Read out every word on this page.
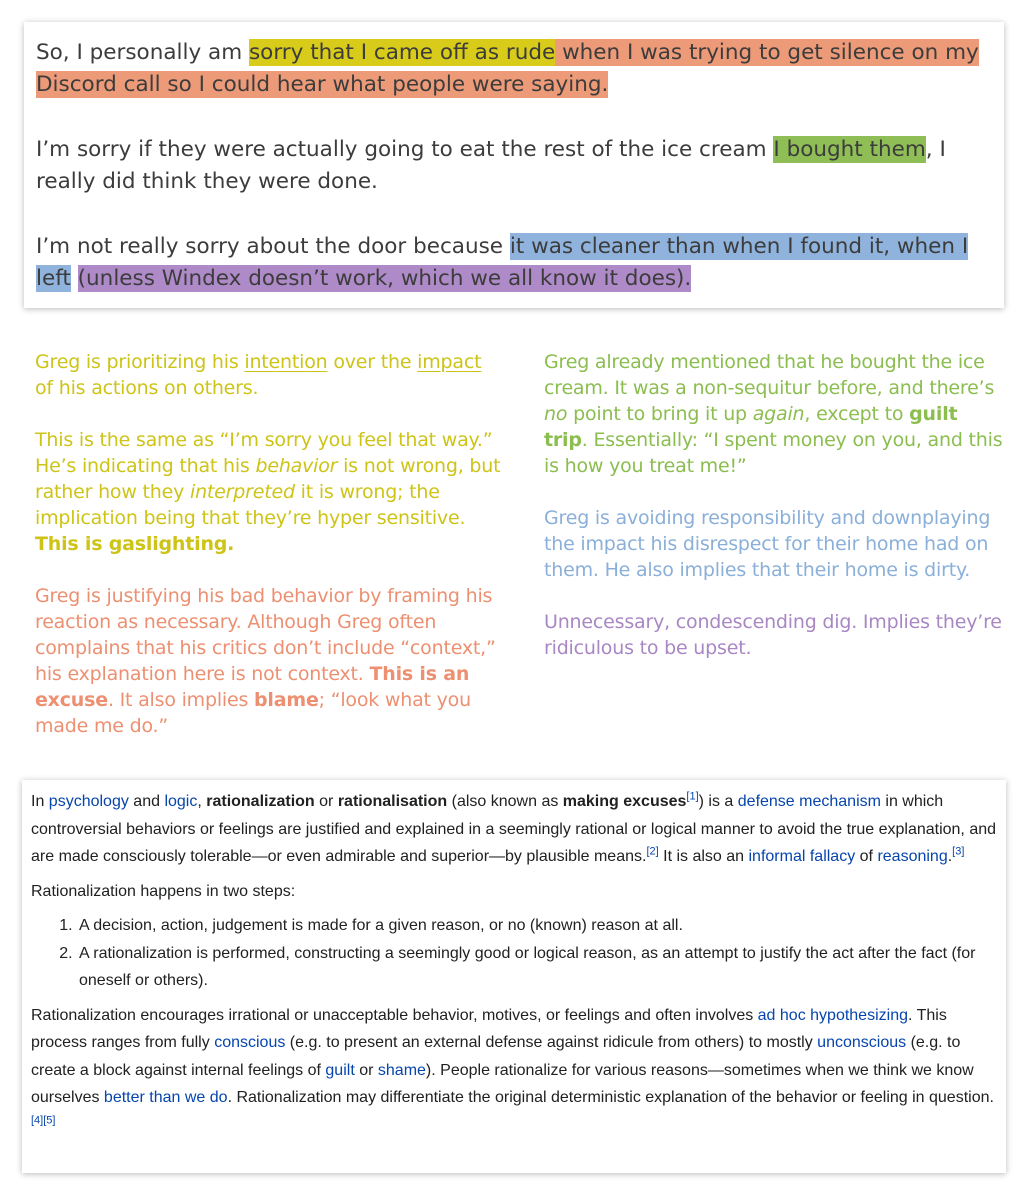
So, I personally am sorry that I came off as rude when I was trying to get silence on my Discord call so I could hear what people were saying.

I’m sorry if they were actually going to eat the rest of the ice cream I bought them, I really did think they were done.

I’m not really sorry about the door because it was cleaner than when I found it, when I left (unless Windex doesn’t work, which we all know it does).

Greg is prioritizing his intention over the impact of his actions on others.

This is the same as “I’m sorry you feel that way.” He’s indicating that his behavior is not wrong, but rather how they interpreted it is wrong; the implication being that they’re hyper sensitive. This is gaslighting.

Greg is justifying his bad behavior by framing his reaction as necessary. Although Greg often complains that his critics don’t include “context,” his explanation here is not context. This is an excuse. It also implies blame; “look what you made me do.”

Greg already mentioned that he bought the ice cream. It was a non-sequitur before, and there’s no point to bring it up again, except to guilt trip. Essentially: “I spent money on you, and this is how you treat me!”

Greg is avoiding responsibility and downplaying the impact his disrespect for their home had on them. He also implies that their home is dirty.

Unnecessary, condescending dig. Implies they’re ridiculous to be upset.

In psychology and logic, rationalization or rationalisation (also known as making excuses[1]) is a defense mechanism in which controversial behaviors or feelings are justified and explained in a seemingly rational or logical manner to avoid the true explanation, and are made consciously tolerable—or even admirable and superior—by plausible means.[2] It is also an informal fallacy of reasoning.[3]

Rationalization happens in two steps:

1. A decision, action, judgement is made for a given reason, or no (known) reason at all.
2. A rationalization is performed, constructing a seemingly good or logical reason, as an attempt to justify the act after the fact (for oneself or others).

Rationalization encourages irrational or unacceptable behavior, motives, or feelings and often involves ad hoc hypothesizing. This process ranges from fully conscious (e.g. to present an external defense against ridicule from others) to mostly unconscious (e.g. to create a block against internal feelings of guilt or shame). People rationalize for various reasons—sometimes when we think we know ourselves better than we do. Rationalization may differentiate the original deterministic explanation of the behavior or feeling in question.[4][5]
